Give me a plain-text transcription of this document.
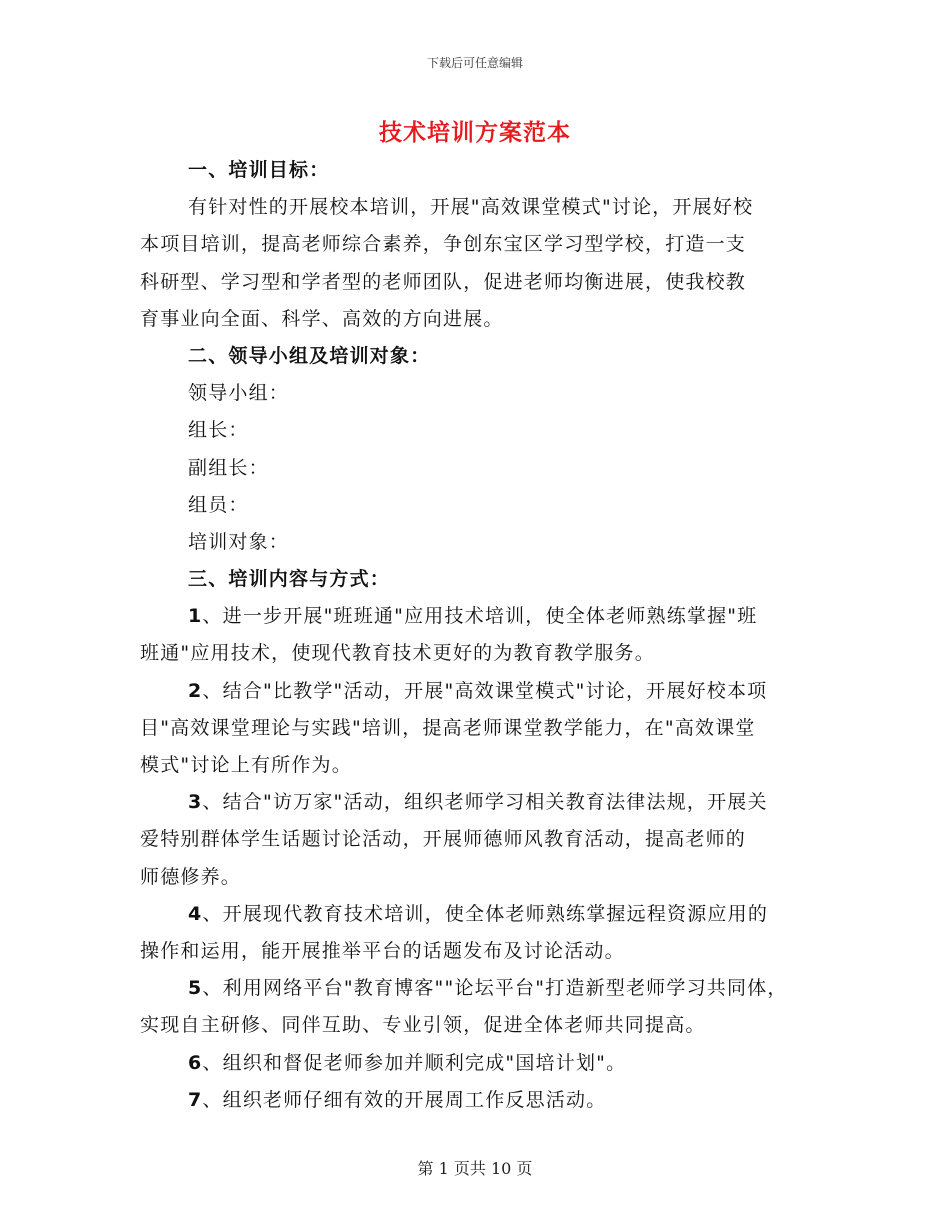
下载后可任意编辑
技术培训方案范本
一、培训目标：
有针对性的开展校本培训，开展"高效课堂模式"讨论，开展好校
本项目培训，提高老师综合素养，争创东宝区学习型学校，打造一支
科研型、学习型和学者型的老师团队，促进老师均衡进展，使我校教
育事业向全面、科学、高效的方向进展。
二、领导小组及培训对象：
领导小组：
组长：
副组长：
组员：
培训对象：
三、培训内容与方式：
1、进一步开展"班班通"应用技术培训，使全体老师熟练掌握"班
班通"应用技术，使现代教育技术更好的为教育教学服务。
2、结合"比教学"活动，开展"高效课堂模式"讨论，开展好校本项
目"高效课堂理论与实践"培训，提高老师课堂教学能力，在"高效课堂
模式"讨论上有所作为。
3、结合"访万家"活动，组织老师学习相关教育法律法规，开展关
爱特别群体学生话题讨论活动，开展师德师风教育活动，提高老师的
师德修养。
4、开展现代教育技术培训，使全体老师熟练掌握远程资源应用的
操作和运用，能开展推举平台的话题发布及讨论活动。
5、利用网络平台"教育博客""论坛平台"打造新型老师学习共同体，
实现自主研修、同伴互助、专业引领，促进全体老师共同提高。
6、组织和督促老师参加并顺利完成"国培计划"。
7、组织老师仔细有效的开展周工作反思活动。
第 1 页共 10 页
